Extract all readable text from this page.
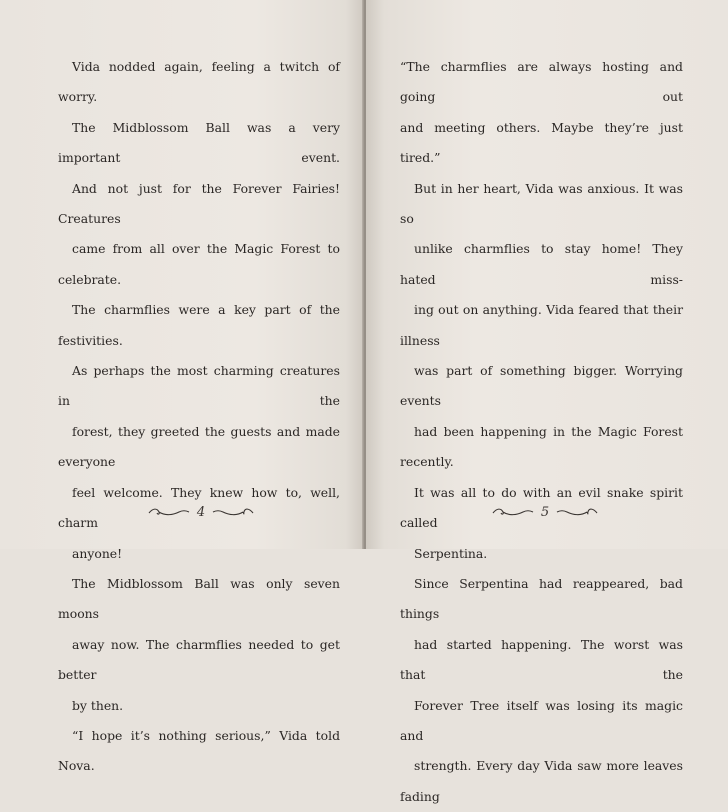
Vida nodded again, feeling a twitch of worry.
The Midblossom Ball was a very important event.
And not just for the Forever Fairies! Creatures
came from all over the Magic Forest to celebrate.
The charmflies were a key part of the festivities.
As perhaps the most charming creatures in the
forest, they greeted the guests and made everyone
feel welcome. They knew how to, well, charm
anyone!

The Midblossom Ball was only seven moons
away now. The charmflies needed to get better
by then.

“I hope it’s nothing serious,” Vida told Nova.

4

“The charmflies are always hosting and going out
and meeting others. Maybe they’re just tired.”

But in her heart, Vida was anxious. It was so
unlike charmflies to stay home! They hated miss-
ing out on anything. Vida feared that their illness
was part of something bigger. Worrying events
had been happening in the Magic Forest recently.
It was all to do with an evil snake spirit called
Serpentina.

Since Serpentina had reappeared, bad things
had started happening. The worst was that the
Forever Tree itself was losing its magic and
strength. Every day Vida saw more leaves fading

5
